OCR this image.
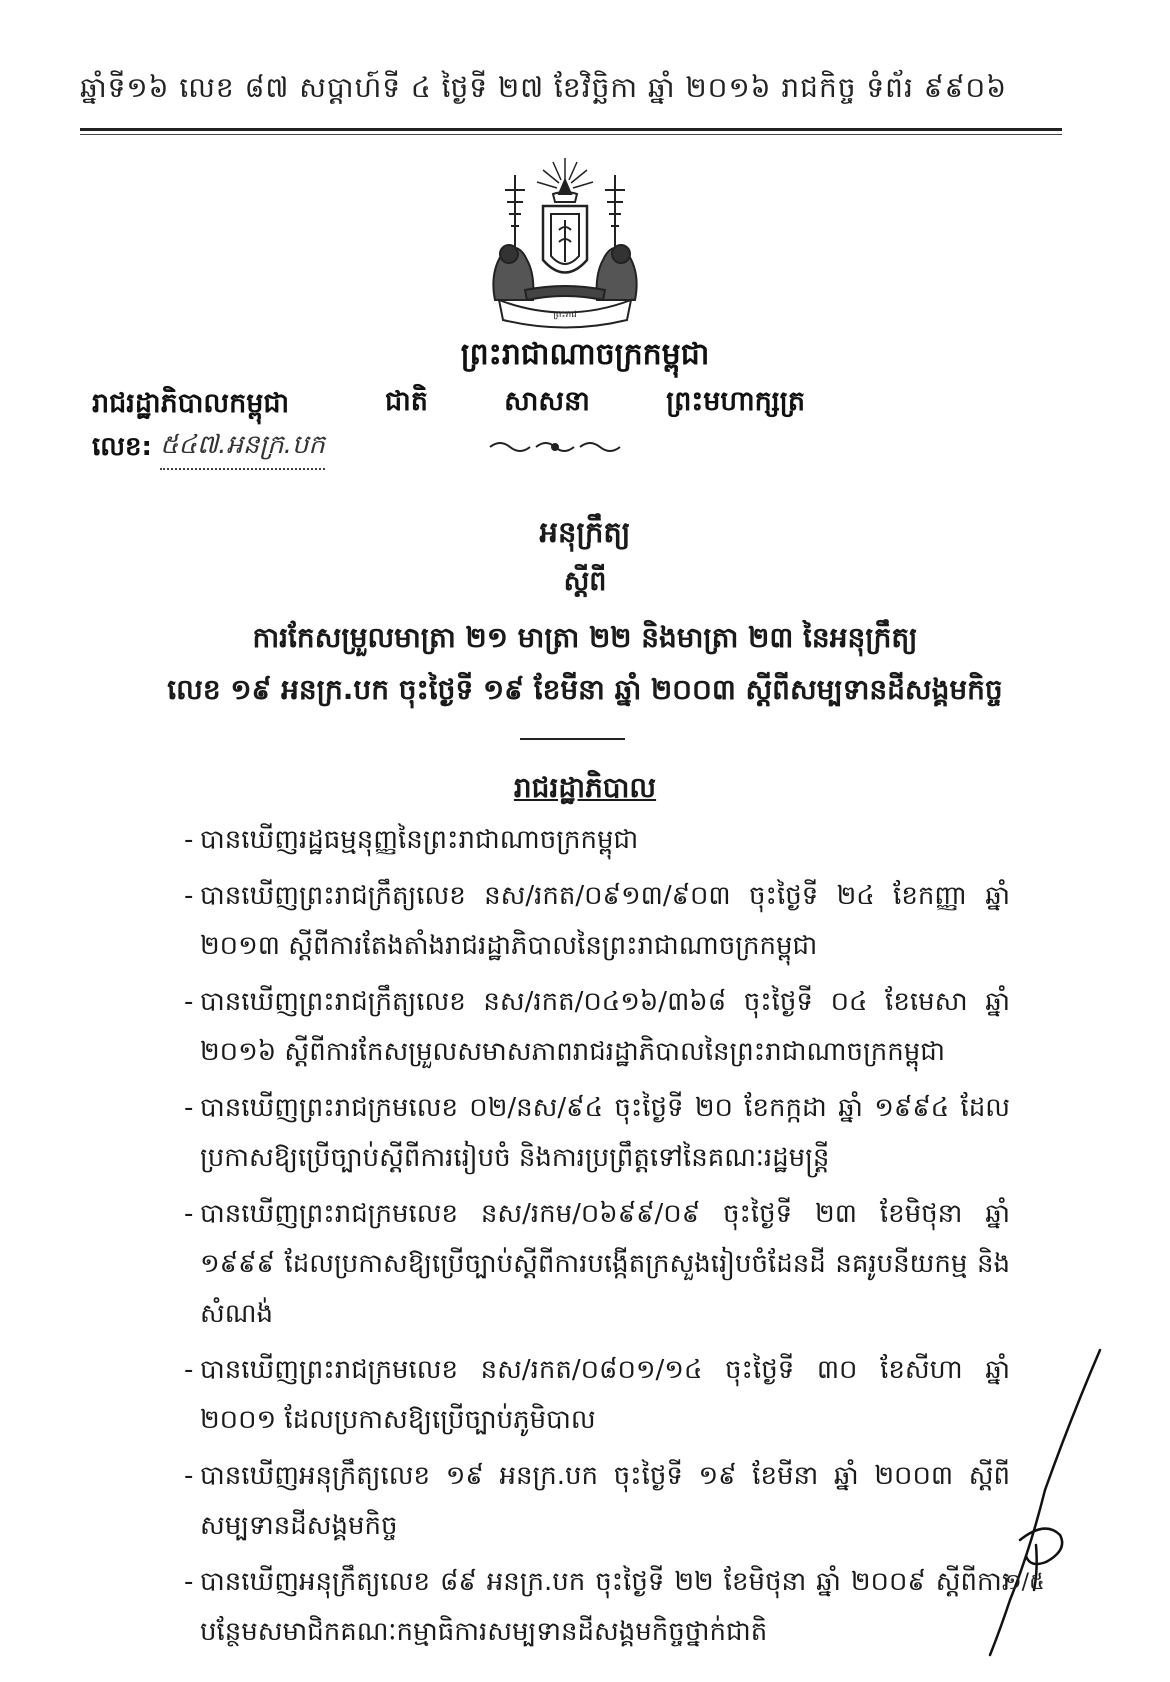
ឆ្នាំទី១៦ លេខ ៨៧ សប្តាហ៍ទី ៤ ថ្ងៃទី ២៧ ខែវិច្ឆិកា ឆ្នាំ ២០១៦ រាជកិច្ច ទំព័រ ៩៩០៦
ព្រះរាជ
ព្រះរាជាណាចក្រកម្ពុជា
ជាតិ	សាសនា	ព្រះមហាក្សត្រ
រាជរដ្ឋាភិបាលកម្ពុជា
លេខ: ៥៤៧.អនក្រ.បក
អនុក្រឹត្យ
ស្តីពី
ការកែសម្រួលមាត្រា ២១ មាត្រា ២២ និងមាត្រា ២៣ នៃអនុក្រឹត្យ
លេខ ១៩ អនក្រ.បក ចុះថ្ងៃទី ១៩ ខែមីនា ឆ្នាំ ២០០៣ ស្តីពីសម្បទានដីសង្គមកិច្ច
រាជរដ្ឋាភិបាល
- បានឃើញរដ្ឋធម្មនុញ្ញនៃព្រះរាជាណាចក្រកម្ពុជា
- បានឃើញព្រះរាជក្រឹត្យលេខ នស/រកត/០៩១៣/៩០៣ ចុះថ្ងៃទី ២៤ ខែកញ្ញា ឆ្នាំ ២០១៣ ស្តីពីការតែងតាំងរាជរដ្ឋាភិបាលនៃព្រះរាជាណាចក្រកម្ពុជា
- បានឃើញព្រះរាជក្រឹត្យលេខ នស/រកត/០៤១៦/៣៦៨ ចុះថ្ងៃទី ០៤ ខែមេសា ឆ្នាំ ២០១៦ ស្តីពីការកែសម្រួលសមាសភាពរាជរដ្ឋាភិបាលនៃព្រះរាជាណាចក្រកម្ពុជា
- បានឃើញព្រះរាជក្រមលេខ ០២/នស/៩៤ ចុះថ្ងៃទី ២០ ខែកក្កដា ឆ្នាំ ១៩៩៤ ដែលប្រកាសឱ្យប្រើច្បាប់ស្តីពីការរៀបចំ និងការប្រព្រឹត្តទៅនៃគណៈរដ្ឋមន្ត្រី
- បានឃើញព្រះរាជក្រមលេខ នស/រកម/០៦៩៩/០៩ ចុះថ្ងៃទី ២៣ ខែមិថុនា ឆ្នាំ ១៩៩៩ ដែលប្រកាសឱ្យប្រើច្បាប់ស្តីពីការបង្កើតក្រសួងរៀបចំដែនដី នគរូបនីយកម្ម និងសំណង់
- បានឃើញព្រះរាជក្រមលេខ នស/រកត/០៨០១/១៤ ចុះថ្ងៃទី ៣០ ខែសីហា ឆ្នាំ ២០០១ ដែលប្រកាសឱ្យប្រើច្បាប់ភូមិបាល
- បានឃើញអនុក្រឹត្យលេខ ១៩ អនក្រ.បក ចុះថ្ងៃទី ១៩ ខែមីនា ឆ្នាំ ២០០៣ ស្តីពីសម្បទានដីសង្គមកិច្ច
- បានឃើញអនុក្រឹត្យលេខ ៨៩ អនក្រ.បក ចុះថ្ងៃទី ២២ ខែមិថុនា ឆ្នាំ ២០០៩ ស្តីពីការបន្ថែមសមាជិកគណៈកម្មាធិការសម្បទានដីសង្គមកិច្ចថ្នាក់ជាតិ
១/៥
